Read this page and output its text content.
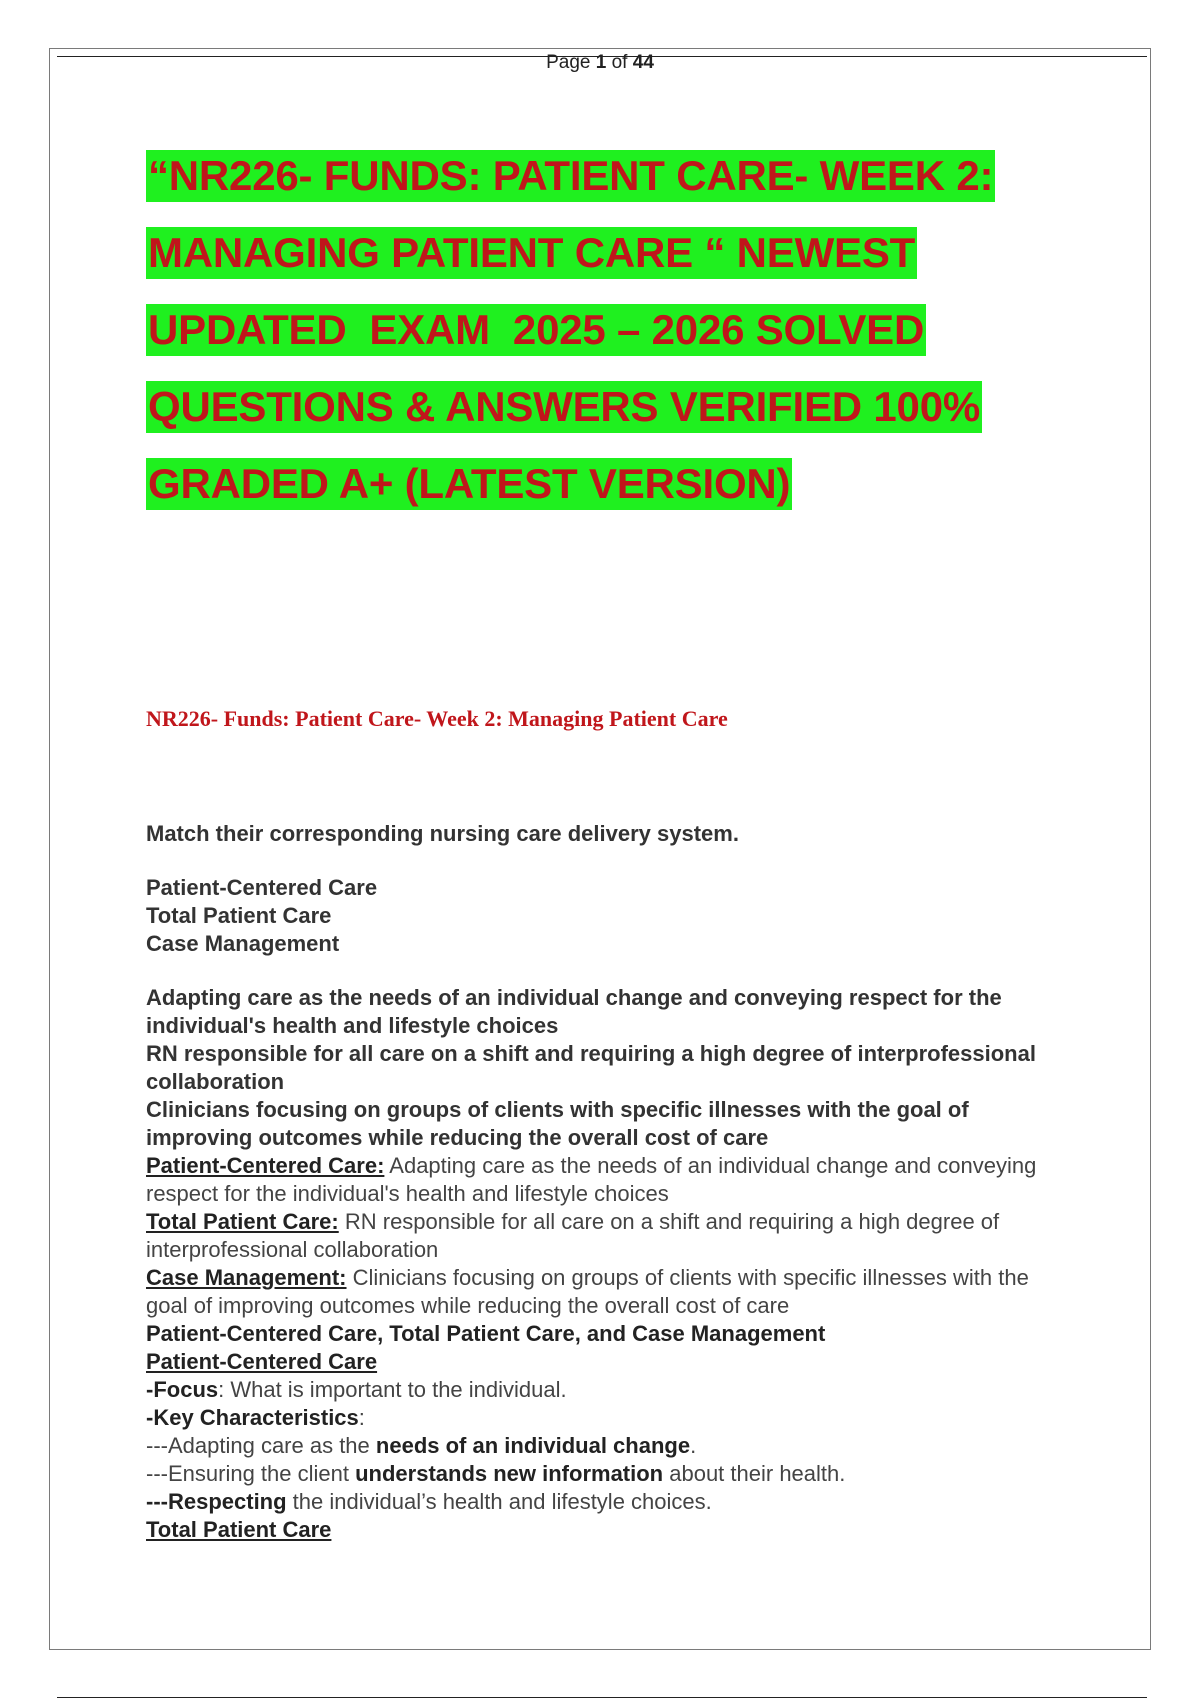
Page 1 of 44
“NR226- FUNDS: PATIENT CARE- WEEK 2:
MANAGING PATIENT CARE “ NEWEST
UPDATED  EXAM  2025 – 2026 SOLVED
QUESTIONS & ANSWERS VERIFIED 100%
GRADED A+ (LATEST VERSION)
NR226- Funds: Patient Care- Week 2: Managing Patient Care

Match their corresponding nursing care delivery system.

Patient-Centered Care

Total Patient Care

Case Management

Adapting care as the needs of an individual change and conveying respect for the individual's health and lifestyle choices

RN responsible for all care on a shift and requiring a high degree of interprofessional collaboration

Clinicians focusing on groups of clients with specific illnesses with the goal of improving outcomes while reducing the overall cost of care

Patient-Centered Care: Adapting care as the needs of an individual change and conveying respect for the individual's health and lifestyle choices

Total Patient Care: RN responsible for all care on a shift and requiring a high degree of interprofessional collaboration

Case Management: Clinicians focusing on groups of clients with specific illnesses with the goal of improving outcomes while reducing the overall cost of care

Patient-Centered Care, Total Patient Care, and Case Management

Patient-Centered Care

-Focus: What is important to the individual.

-Key Characteristics:

---Adapting care as the needs of an individual change.

---Ensuring the client understands new information about their health.

---Respecting the individual’s health and lifestyle choices.

Total Patient Care
